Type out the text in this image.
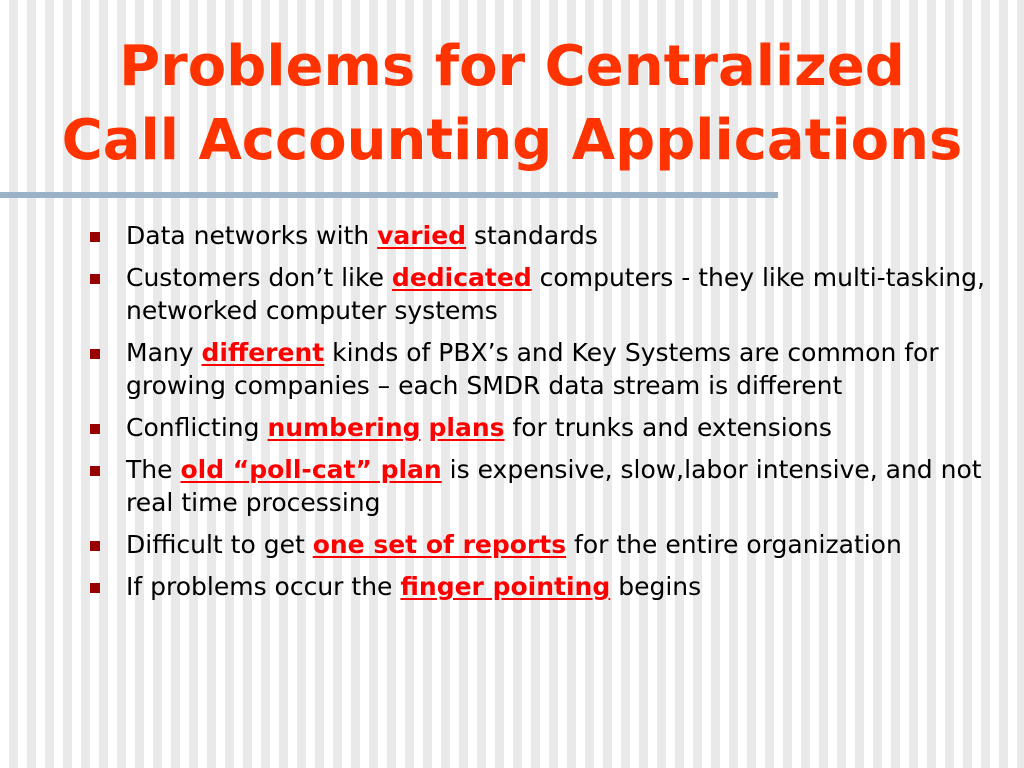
Problems for Centralized
Call Accounting Applications
Data networks with varied standards
Customers don’t like dedicated computers - they like multi-tasking, networked computer systems
Many different kinds of PBX’s and Key Systems are common for growing companies – each SMDR data stream is different
Conflicting numbering plans for trunks and extensions
The old “poll-cat” plan is expensive, slow,labor intensive, and not real time processing
Difficult to get one set of reports for the entire organization
If problems occur the finger pointing begins
